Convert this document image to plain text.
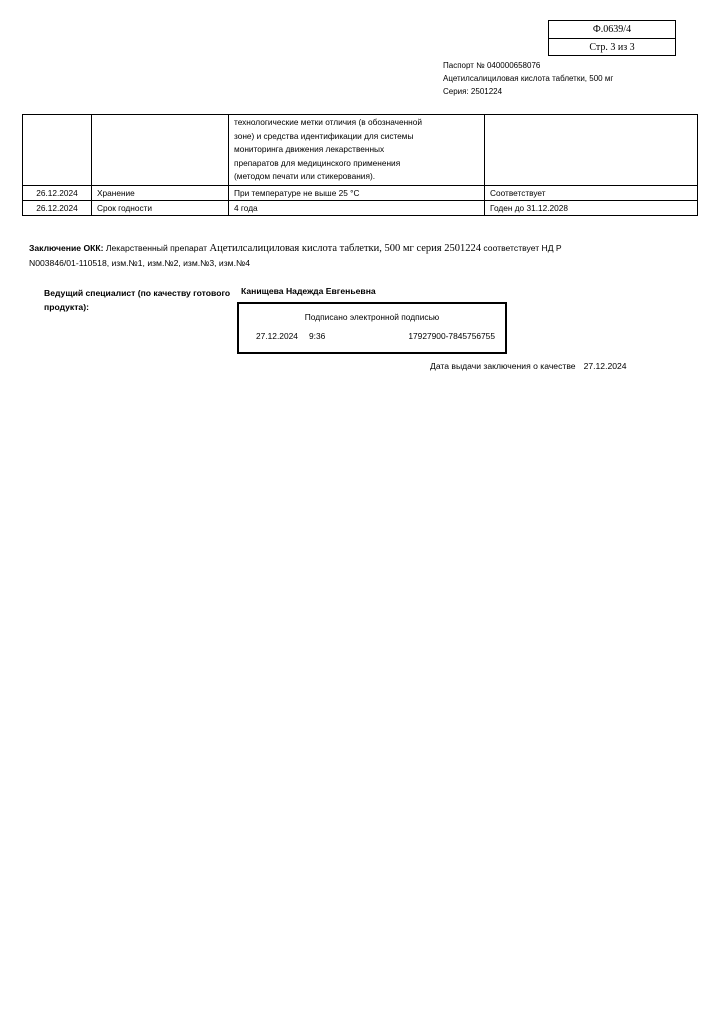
Ф.0639/4
Стр. 3 из 3
Паспорт № 040000658076
Ацетилсалициловая кислота таблетки, 500 мг
Серия: 2501224

		технологические метки отличия (в обозначенной
зоне) и средства идентификации для системы
мониторинга движения лекарственных
препаратов для медицинского применения
(методом печати или стикерования).	

26.12.2024	Хранение	При температуре не выше 25 °С	Соответствует
26.12.2024	Срок годности	4 года	Годен до 31.12.2028
Заключение ОКК: Лекарственный препарат Ацетилсалициловая кислота таблетки, 500 мг серия 2501224 соответствует НД Р
N003846/01-110518, изм.№1, изм.№2, изм.№3, изм.№4
Ведущий специалист (по качеству готового продукта):
Канищева Надежда Евгеньевна
Подписано электронной подписью
27.12.2024 9:36	17927900-7845756755
Дата выдачи заключения о качестве 27.12.2024
